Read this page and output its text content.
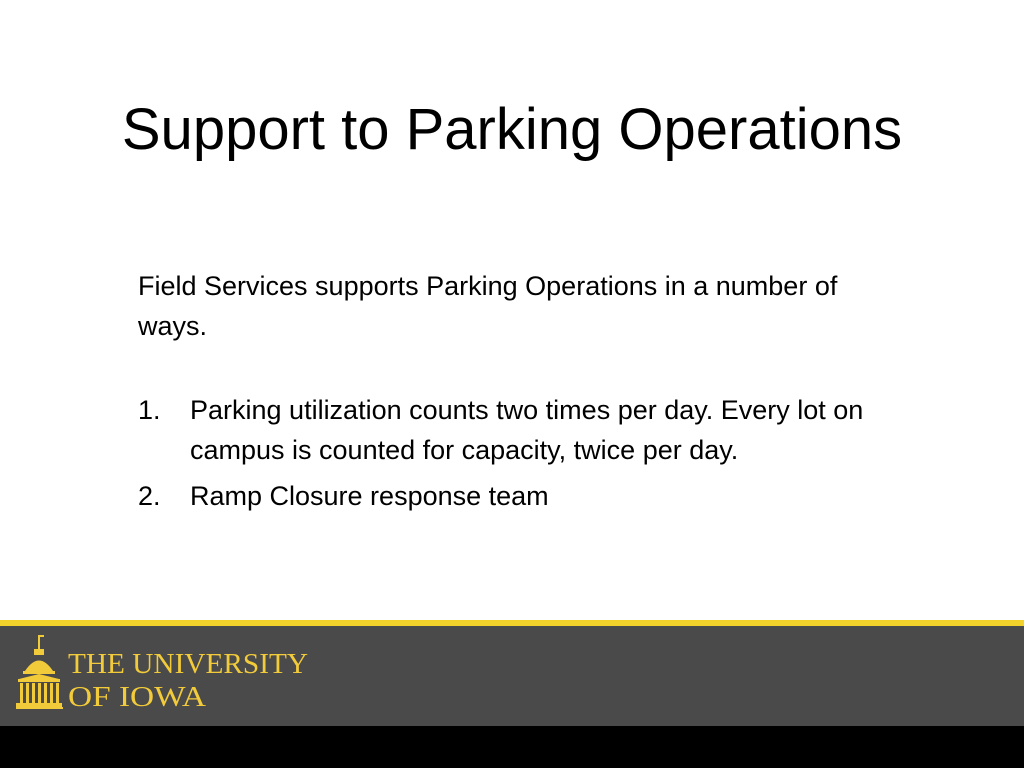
Support to Parking Operations

Field Services supports Parking Operations in a number of ways.

1. Parking utilization counts two times per day. Every lot on campus is counted for capacity, twice per day.
2. Ramp Closure response team
THE UNIVERSITY
OF IOWA
